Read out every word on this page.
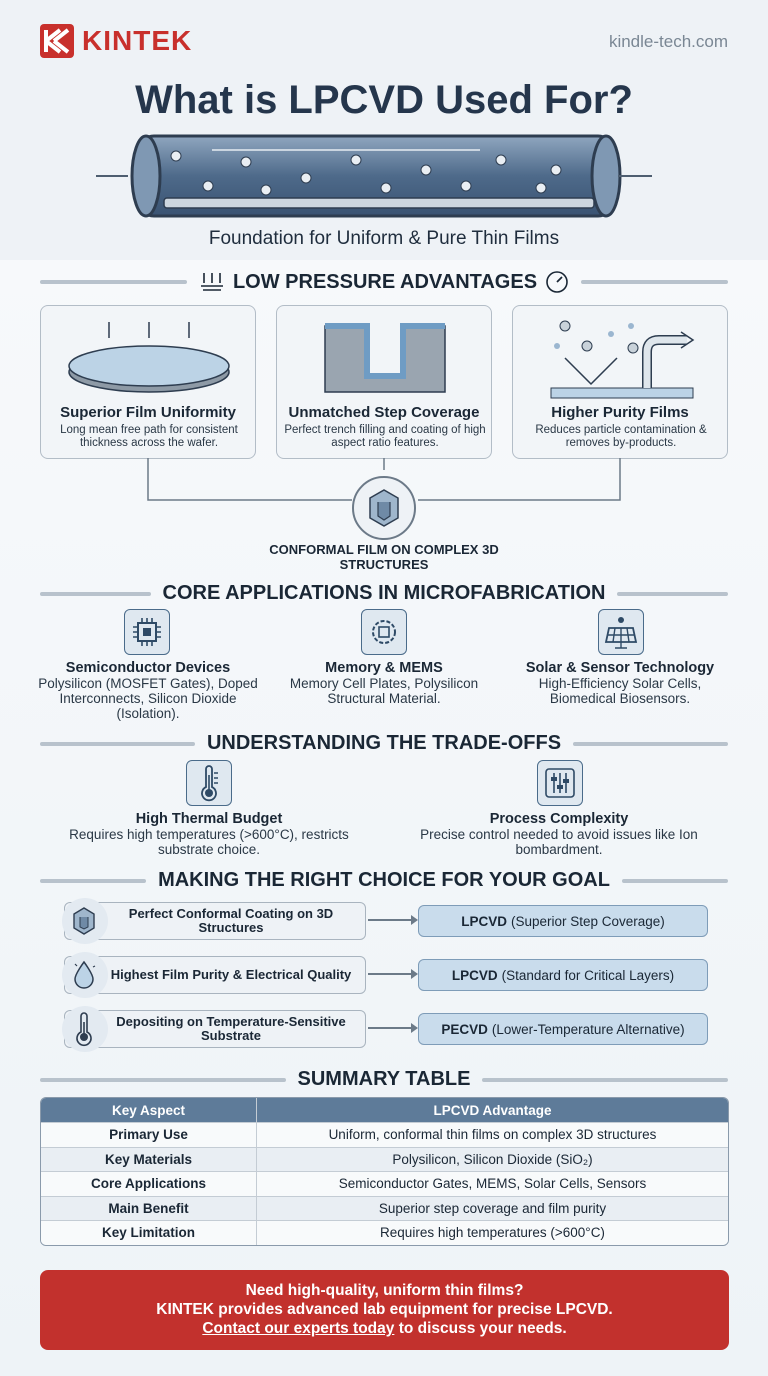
KINTEK	kindle-tech.com
What is LPCVD Used For?
Foundation for Uniform & Pure Thin Films
LOW PRESSURE ADVANTAGES
Superior Film Uniformity
Long mean free path for consistent thickness across the wafer.
Unmatched Step Coverage
Perfect trench filling and coating of high aspect ratio features.
Higher Purity Films
Reduces particle contamination & removes by-products.
CONFORMAL FILM ON COMPLEX 3D STRUCTURES
CORE APPLICATIONS IN MICROFABRICATION
Semiconductor Devices
Polysilicon (MOSFET Gates), Doped Interconnects, Silicon Dioxide (Isolation).
Memory & MEMS
Memory Cell Plates, Polysilicon Structural Material.
Solar & Sensor Technology
High-Efficiency Solar Cells, Biomedical Biosensors.
UNDERSTANDING THE TRADE-OFFS
High Thermal Budget
Requires high temperatures (>600°C), restricts substrate choice.
Process Complexity
Precise control needed to avoid issues like Ion bombardment.
MAKING THE RIGHT CHOICE FOR YOUR GOAL
Perfect Conformal Coating on 3D Structures	LPCVD (Superior Step Coverage)
Highest Film Purity & Electrical Quality	LPCVD (Standard for Critical Layers)
Depositing on Temperature-Sensitive Substrate	PECVD (Lower-Temperature Alternative)
SUMMARY TABLE
Key Aspect	LPCVD Advantage
Primary Use	Uniform, conformal thin films on complex 3D structures
Key Materials	Polysilicon, Silicon Dioxide (SiO₂)
Core Applications	Semiconductor Gates, MEMS, Solar Cells, Sensors
Main Benefit	Superior step coverage and film purity
Key Limitation	Requires high temperatures (>600°C)
Need high-quality, uniform thin films?
KINTEK provides advanced lab equipment for precise LPCVD.
Contact our experts today to discuss your needs.
